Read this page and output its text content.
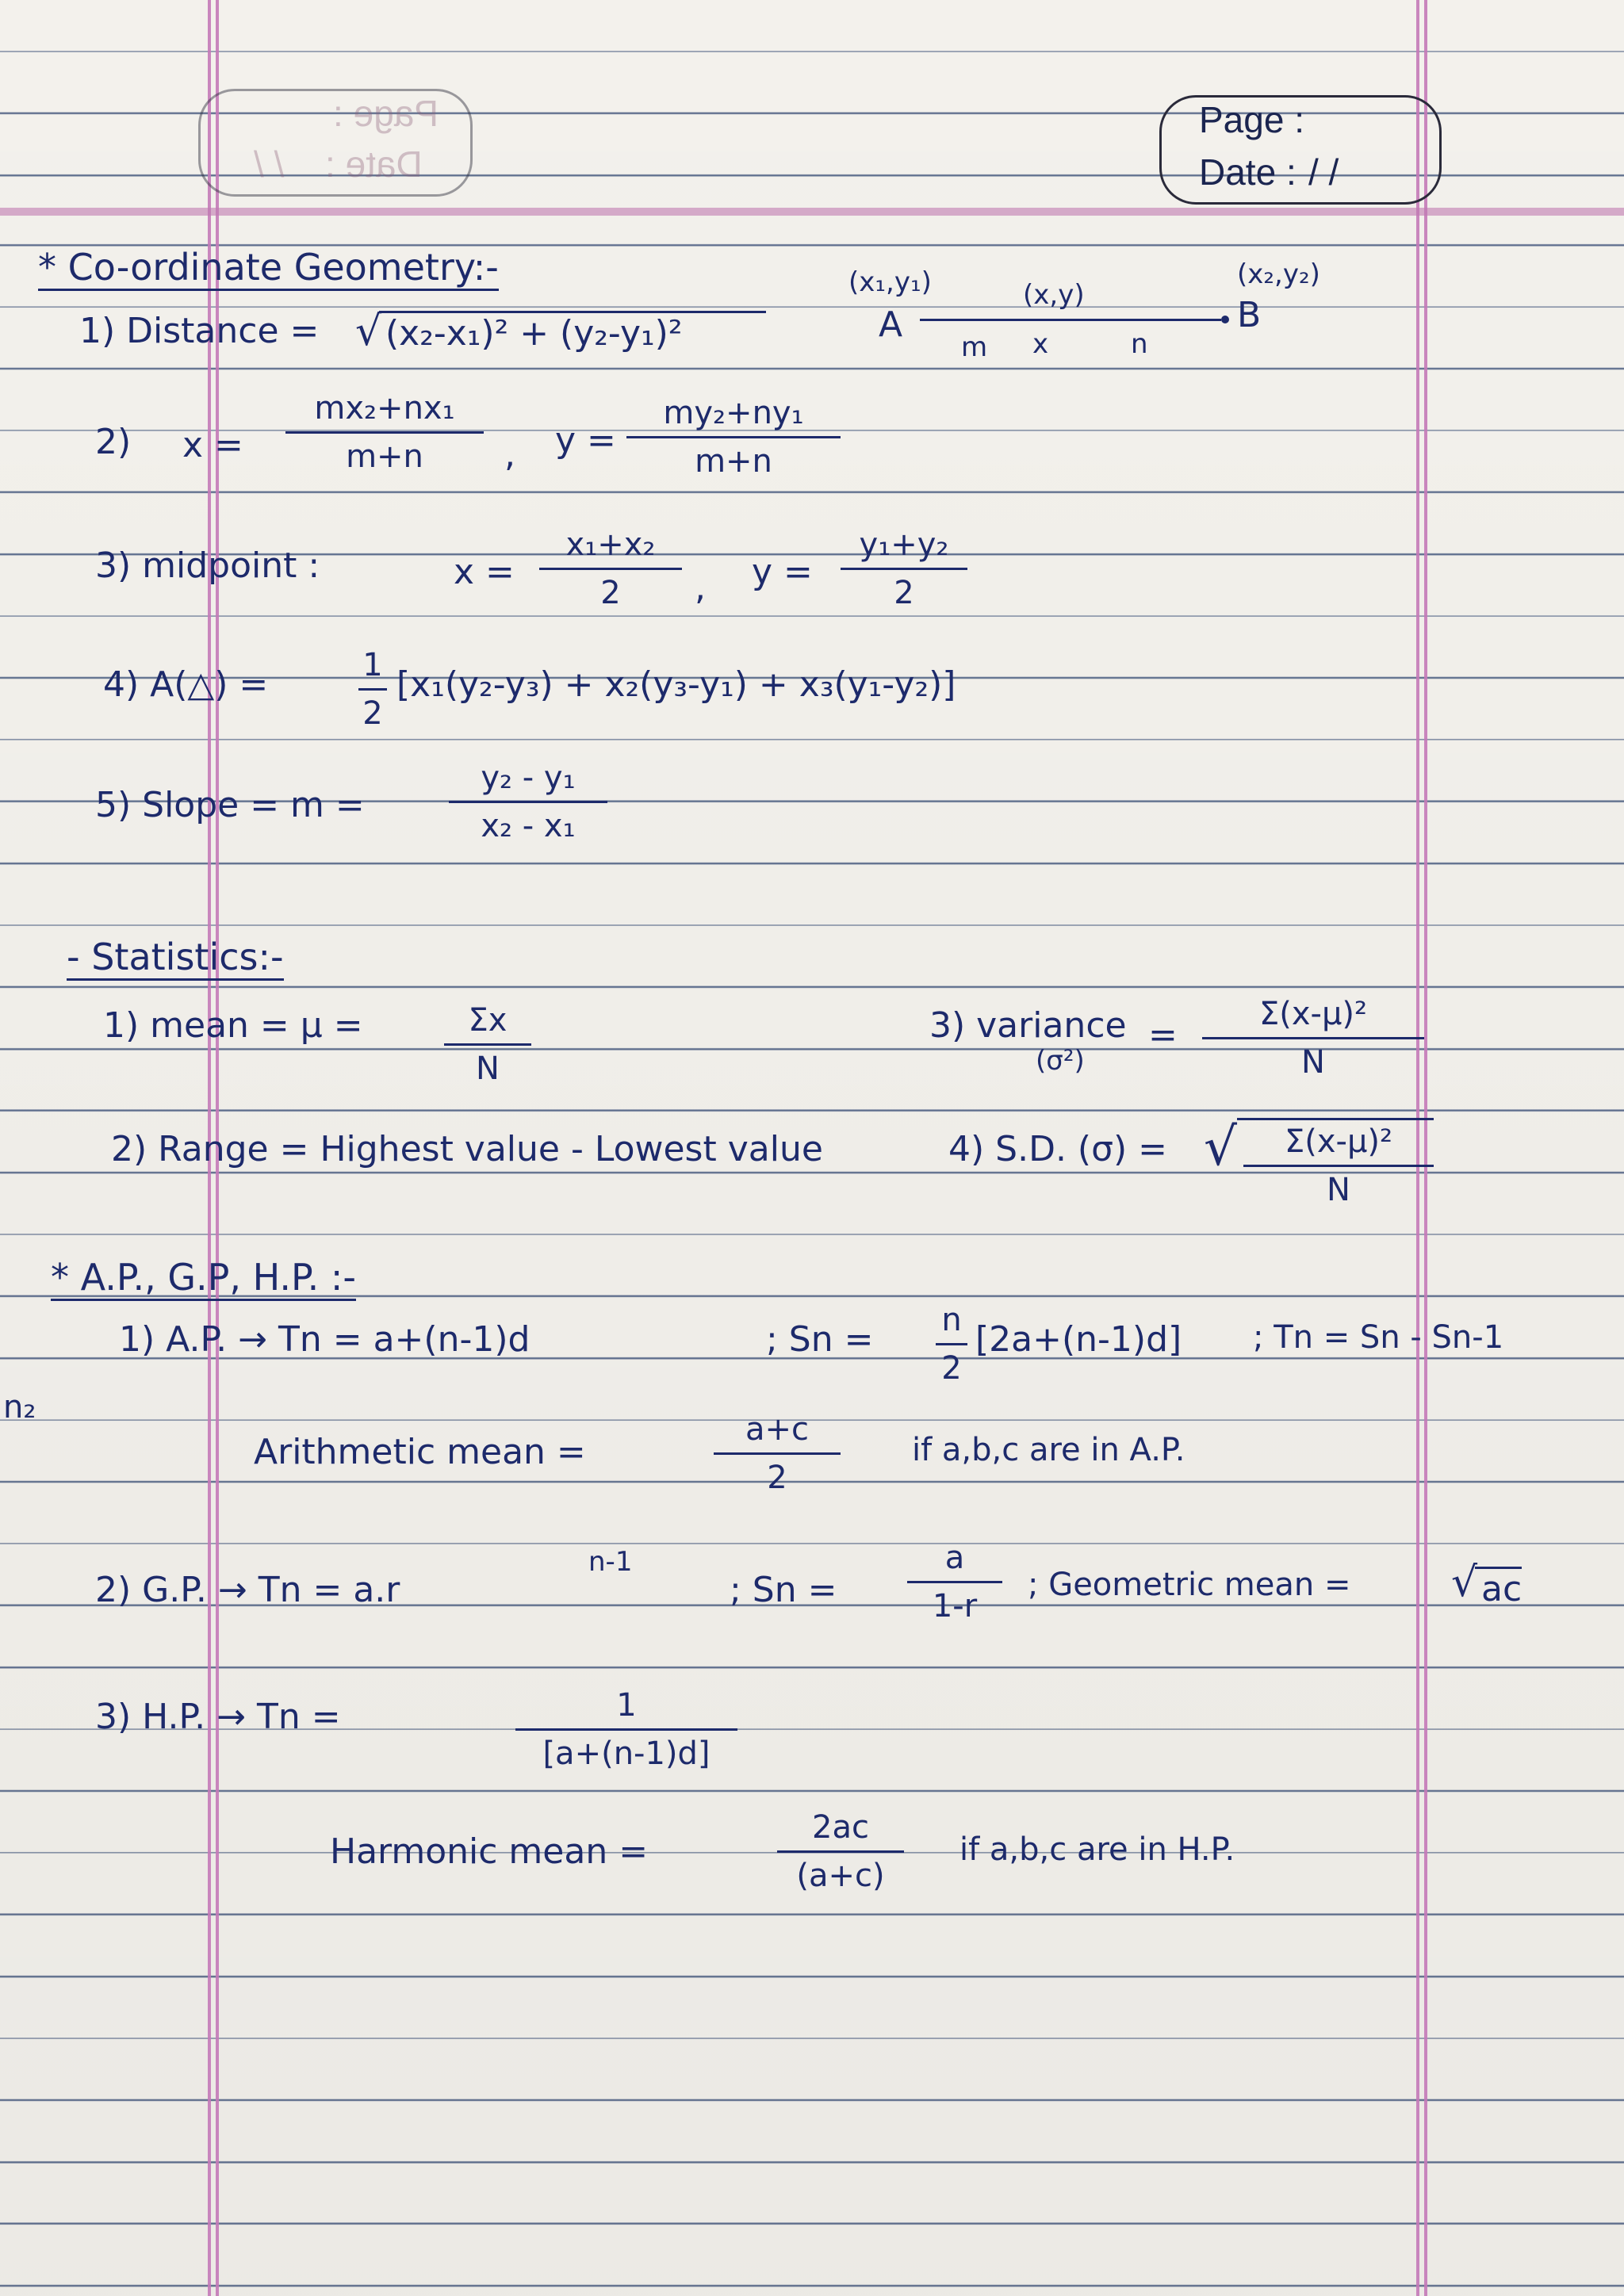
Page :
Date :
/ /
Page :
Date : / /
n₂
* Co-ordinate Geometry:-	(x₁,y₁)
A
(x,y)
m x	n
(x₂,y₂)
B
1) Distance = √ (x₂-x₁)² + (y₂-y₁)²
2) x =
mx₂+nx₁
m+n	, y =
my₂+ny₁
m+n
3) midpoint :	x =
x₁+x₂
2	, y =
y₁+y₂
2
4) A(△) =	1
2
[x₁(y₂-y₃) + x₂(y₃-y₁) + x₃(y₁-y₂)]
5) Slope = m =
y₂ - y₁
x₂ - x₁
- Statistics:-
1) mean = μ =	Σx
N
3) variance
(σ²)
=
Σ(x-μ)²
N
2) Range = Highest value - Lowest value	4) S.D. (σ) = √	Σ(x-μ)²
N
* A.P., G.P, H.P. :-
1) A.P. → Tn = a+(n-1)d	; Sn = n
2
[2a+(n-1)d] ; Tn = Sn - Sn-1
Arithmetic mean =
a+c
2
if a,b,c are in A.P.
2) G.P. → Tn = a.r
n-1
; Sn =
a
1-r
; Geometric mean = √ ac
3) H.P. → Tn =	1
[a+(n-1)d]
Harmonic mean =
2ac
(a+c)
if a,b,c are in H.P.
